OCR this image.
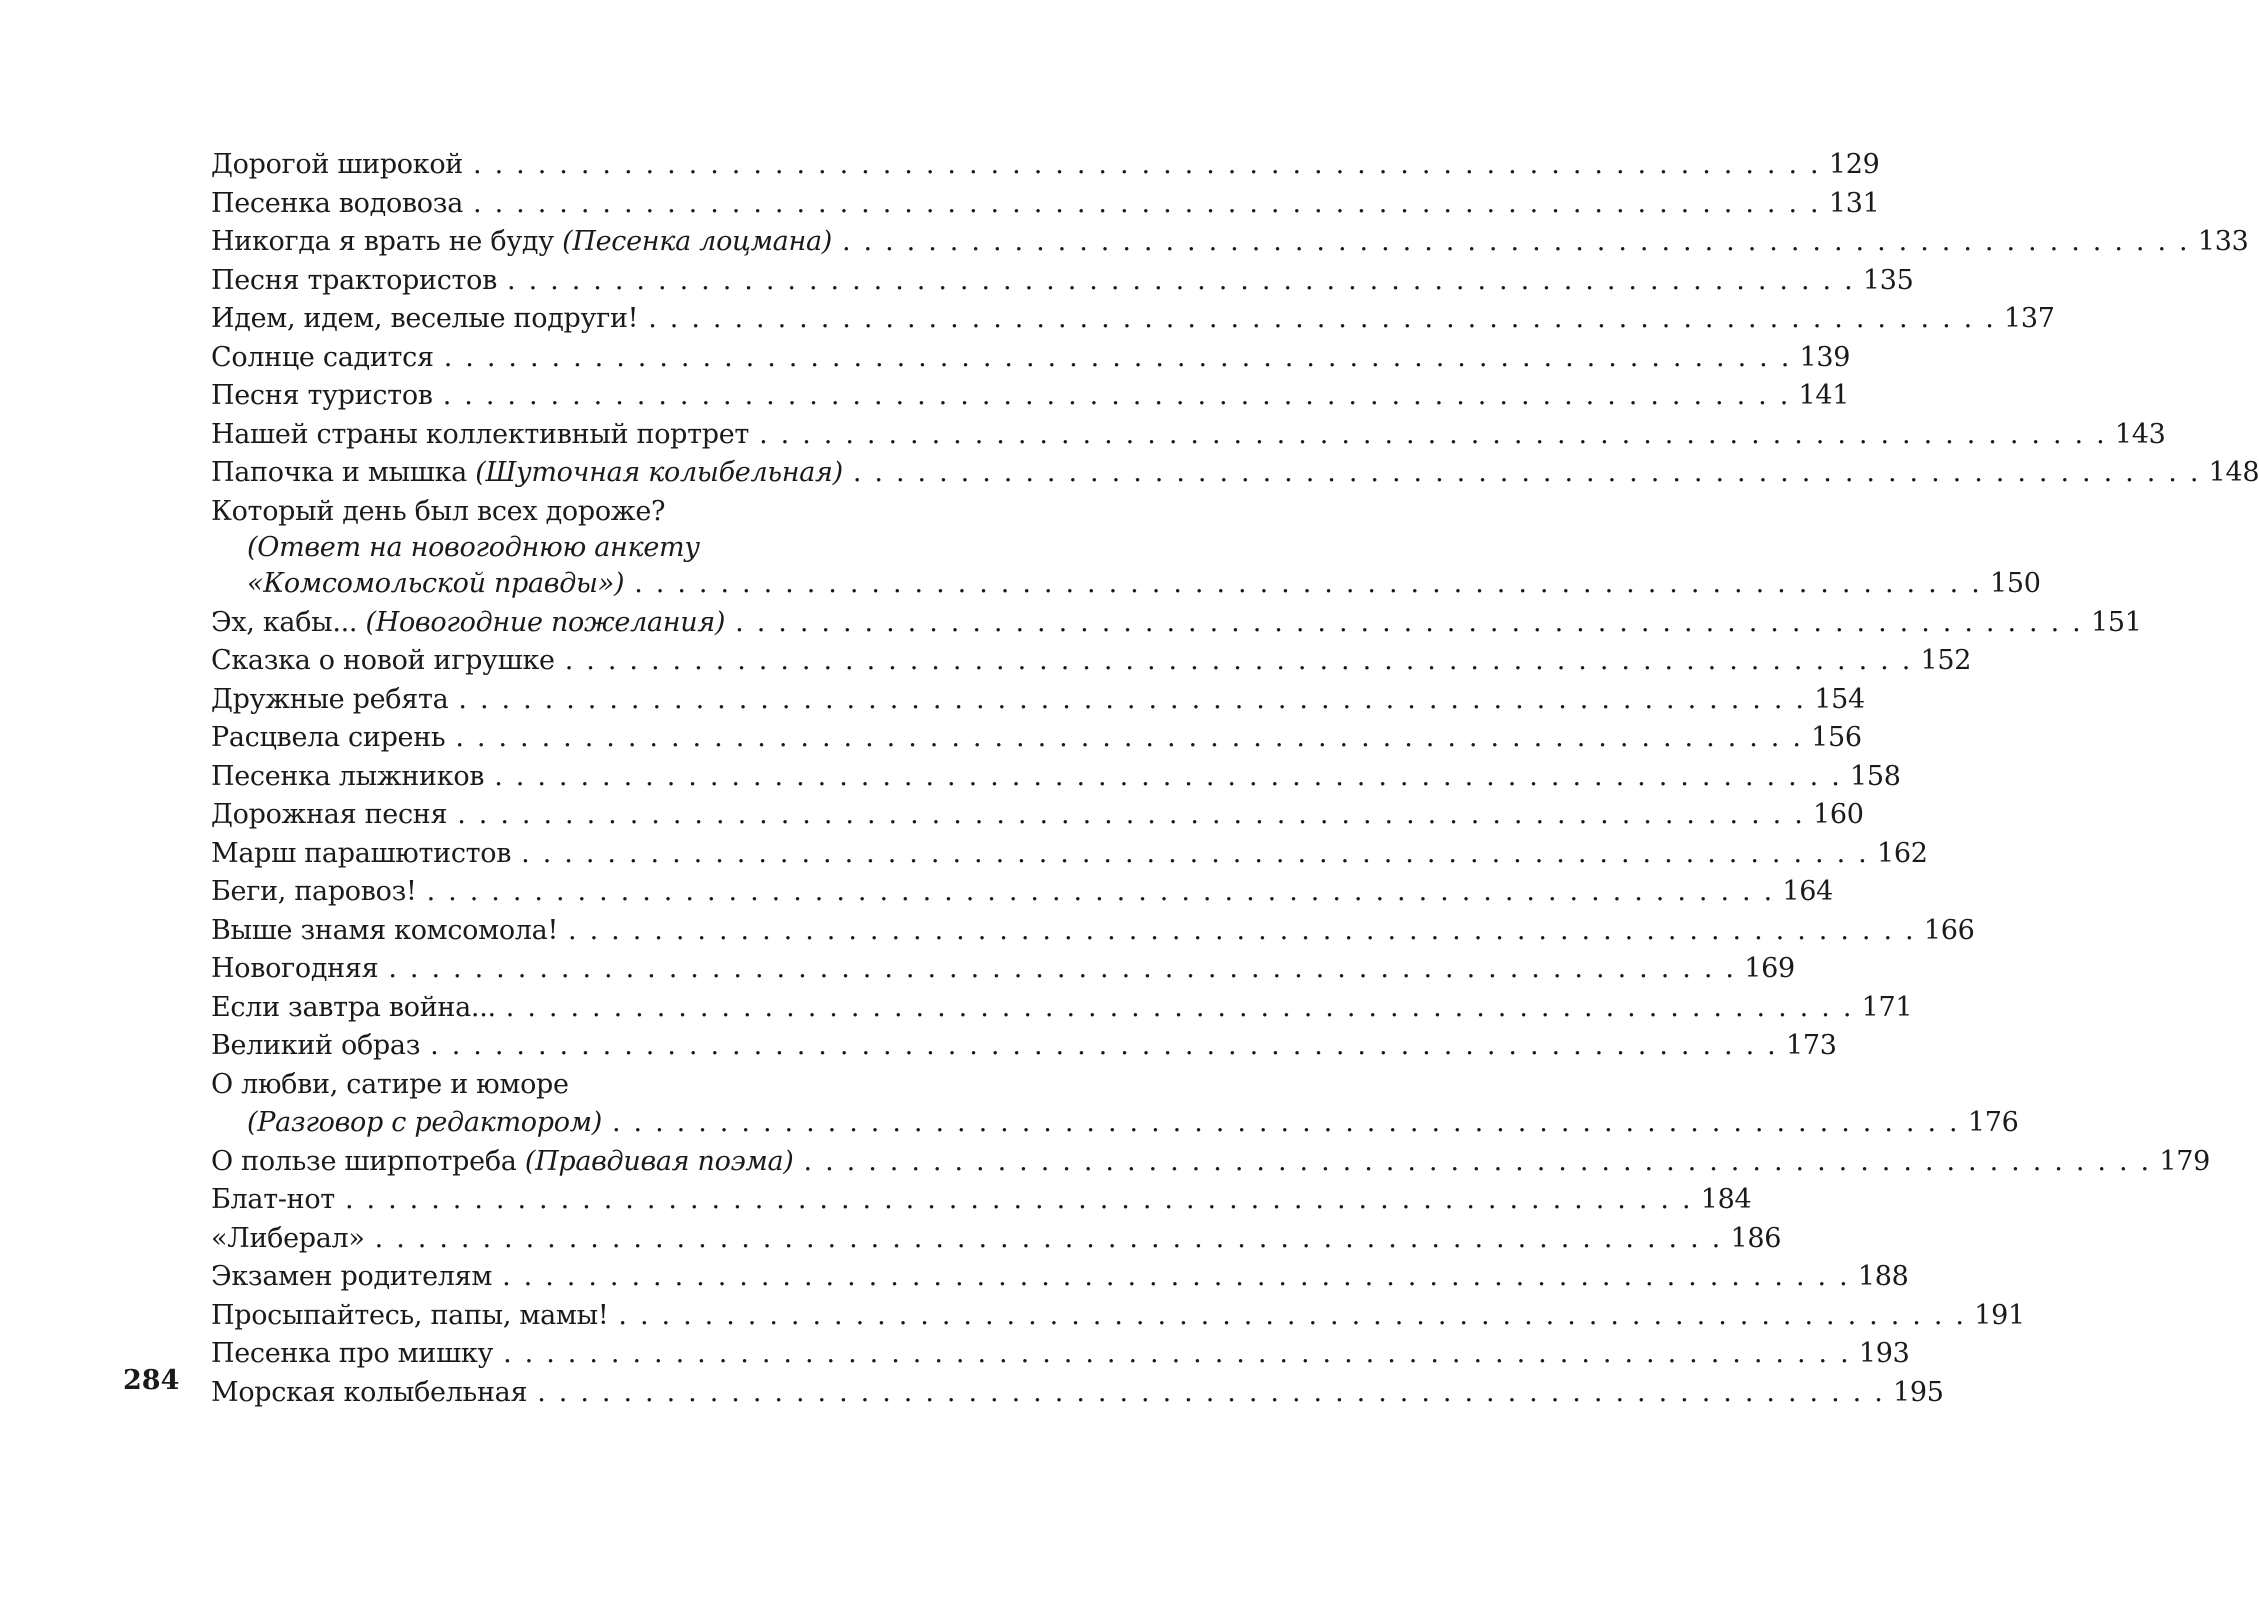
284
Дорогой широкой . . . . . . . . . . . . . . . . . . . . . . . . . . . . . . . . . . . . . . . . . . . . . . . . . . . . . . . . . . . . . . . 129
Песенка водовоза . . . . . . . . . . . . . . . . . . . . . . . . . . . . . . . . . . . . . . . . . . . . . . . . . . . . . . . . . . . . . . . 131
Никогда я врать не буду (Песенка лоцмана) . . . . . . . . . . . . . . . . . . . . . . . . . . . . . . . . . . . . . . . . . . . . . . . . . . . . . . . . . . . . . . . 133
Песня трактористов . . . . . . . . . . . . . . . . . . . . . . . . . . . . . . . . . . . . . . . . . . . . . . . . . . . . . . . . . . . . . . . 135
Идем, идем, веселые подруги! . . . . . . . . . . . . . . . . . . . . . . . . . . . . . . . . . . . . . . . . . . . . . . . . . . . . . . . . . . . . . . . 137
Солнце садится . . . . . . . . . . . . . . . . . . . . . . . . . . . . . . . . . . . . . . . . . . . . . . . . . . . . . . . . . . . . . . . 139
Песня туристов . . . . . . . . . . . . . . . . . . . . . . . . . . . . . . . . . . . . . . . . . . . . . . . . . . . . . . . . . . . . . . . 141
Нашей страны коллективный портрет . . . . . . . . . . . . . . . . . . . . . . . . . . . . . . . . . . . . . . . . . . . . . . . . . . . . . . . . . . . . . . . 143
Папочка и мышка (Шуточная колыбельная) . . . . . . . . . . . . . . . . . . . . . . . . . . . . . . . . . . . . . . . . . . . . . . . . . . . . . . . . . . . . . . . 148
Который день был всех дороже?
(Ответ на новогоднюю анкету
«Комсомольской правды») . . . . . . . . . . . . . . . . . . . . . . . . . . . . . . . . . . . . . . . . . . . . . . . . . . . . . . . . . . . . . . . 150
Эх, кабы... (Новогодние пожелания) . . . . . . . . . . . . . . . . . . . . . . . . . . . . . . . . . . . . . . . . . . . . . . . . . . . . . . . . . . . . . . . 151
Сказка о новой игрушке . . . . . . . . . . . . . . . . . . . . . . . . . . . . . . . . . . . . . . . . . . . . . . . . . . . . . . . . . . . . . . . 152
Дружные ребята . . . . . . . . . . . . . . . . . . . . . . . . . . . . . . . . . . . . . . . . . . . . . . . . . . . . . . . . . . . . . . . 154
Расцвела сирень . . . . . . . . . . . . . . . . . . . . . . . . . . . . . . . . . . . . . . . . . . . . . . . . . . . . . . . . . . . . . . . 156
Песенка лыжников . . . . . . . . . . . . . . . . . . . . . . . . . . . . . . . . . . . . . . . . . . . . . . . . . . . . . . . . . . . . . . . 158
Дорожная песня . . . . . . . . . . . . . . . . . . . . . . . . . . . . . . . . . . . . . . . . . . . . . . . . . . . . . . . . . . . . . . . 160
Марш парашютистов . . . . . . . . . . . . . . . . . . . . . . . . . . . . . . . . . . . . . . . . . . . . . . . . . . . . . . . . . . . . . . . 162
Беги, паровоз! . . . . . . . . . . . . . . . . . . . . . . . . . . . . . . . . . . . . . . . . . . . . . . . . . . . . . . . . . . . . . . . 164
Выше знамя комсомола! . . . . . . . . . . . . . . . . . . . . . . . . . . . . . . . . . . . . . . . . . . . . . . . . . . . . . . . . . . . . . . . 166
Новогодняя . . . . . . . . . . . . . . . . . . . . . . . . . . . . . . . . . . . . . . . . . . . . . . . . . . . . . . . . . . . . . . . 169
Если завтра война... . . . . . . . . . . . . . . . . . . . . . . . . . . . . . . . . . . . . . . . . . . . . . . . . . . . . . . . . . . . . . . . 171
Великий образ . . . . . . . . . . . . . . . . . . . . . . . . . . . . . . . . . . . . . . . . . . . . . . . . . . . . . . . . . . . . . . . 173
О любви, сатире и юморе
(Разговор с редактором) . . . . . . . . . . . . . . . . . . . . . . . . . . . . . . . . . . . . . . . . . . . . . . . . . . . . . . . . . . . . . . . 176
О пользе ширпотреба (Правдивая поэма) . . . . . . . . . . . . . . . . . . . . . . . . . . . . . . . . . . . . . . . . . . . . . . . . . . . . . . . . . . . . . . . 179
Блат-нот . . . . . . . . . . . . . . . . . . . . . . . . . . . . . . . . . . . . . . . . . . . . . . . . . . . . . . . . . . . . . . . 184
«Либерал» . . . . . . . . . . . . . . . . . . . . . . . . . . . . . . . . . . . . . . . . . . . . . . . . . . . . . . . . . . . . . . . 186
Экзамен родителям . . . . . . . . . . . . . . . . . . . . . . . . . . . . . . . . . . . . . . . . . . . . . . . . . . . . . . . . . . . . . . . 188
Просыпайтесь, папы, мамы! . . . . . . . . . . . . . . . . . . . . . . . . . . . . . . . . . . . . . . . . . . . . . . . . . . . . . . . . . . . . . . . 191
Песенка про мишку . . . . . . . . . . . . . . . . . . . . . . . . . . . . . . . . . . . . . . . . . . . . . . . . . . . . . . . . . . . . . . . 193
Морская колыбельная . . . . . . . . . . . . . . . . . . . . . . . . . . . . . . . . . . . . . . . . . . . . . . . . . . . . . . . . . . . . . . . 195
